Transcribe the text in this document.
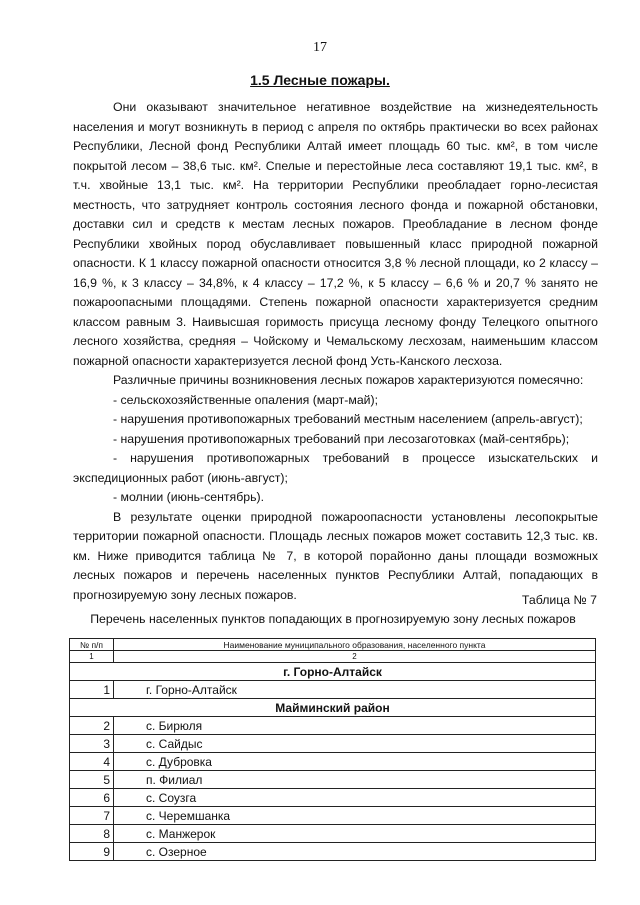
17
1.5 Лесные пожары.

Они оказывают значительное негативное воздействие на жизнедеятельность населения и могут возникнуть в период с апреля по октябрь практически во всех районах Республики, Лесной фонд Республики Алтай имеет площадь 60 тыс. км², в том числе покрытой лесом – 38,6 тыс. км². Спелые и перестойные леса составляют 19,1 тыс. км², в т.ч. хвойные 13,1 тыс. км². На территории Республики преобладает горно-лесистая местность, что затрудняет контроль состояния лесного фонда и пожарной обстановки, доставки сил и средств к местам лесных пожаров. Преобладание в лесном фонде Республики хвойных пород обуславливает повышенный класс природной пожарной опасности. К 1 классу пожарной опасности относится 3,8 % лесной площади, ко 2 классу – 16,9 %, к 3 классу – 34,8%, к 4 классу – 17,2 %, к 5 классу – 6,6 % и 20,7 % занято не пожароопасными площадями. Степень пожарной опасности характеризуется средним классом равным 3. Наивысшая горимость присуща лесному фонду Телецкого опытного лесного хозяйства, средняя – Чойскому и Чемальскому лесхозам, наименьшим классом пожарной опасности характеризуется лесной фонд Усть-Канского лесхоза.

Различные причины возникновения лесных пожаров характеризуются помесячно:

- сельскохозяйственные опаления (март-май);

- нарушения противопожарных требований местным населением (апрель-август);

- нарушения противопожарных требований при лесозаготовках (май-сентябрь);

- нарушения противопожарных требований в процессе изыскательских и экспедиционных работ (июнь-август);

- молнии (июнь-сентябрь).

В результате оценки природной пожароопасности установлены лесопокрытые территории пожарной опасности. Площадь лесных пожаров может составить 12,3 тыс. кв. км. Ниже приводится таблица № 7, в которой порайонно даны площади возможных лесных пожаров и перечень населенных пунктов Республики Алтай, попадающих в прогнозируемую зону лесных пожаров.	Таблица № 7
Перечень населенных пунктов попадающих в прогнозируемую зону лесных пожаров
№ п/п	Наименование муниципального образования, населенного пункта
1	2
г. Горно-Алтайск	
1	г. Горно-Алтайск
Майминский район	
2	с. Бирюля
3	с. Сайдыс
4	с. Дубровка
5	п. Филиал
6	с. Соузга
7	с. Черемшанка
8	с. Манжерок
9	с. Озерное
